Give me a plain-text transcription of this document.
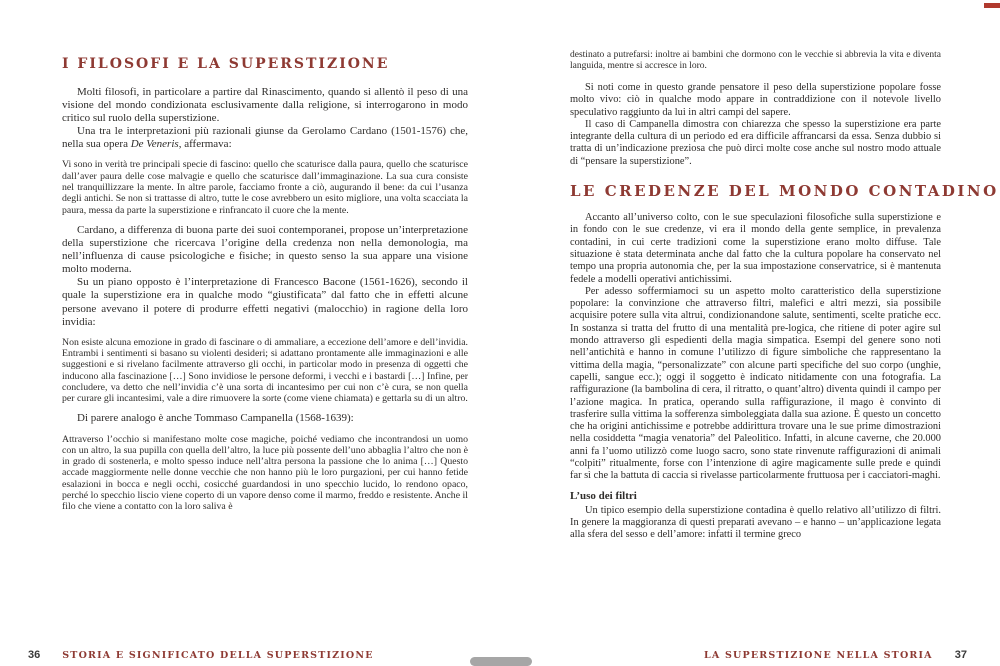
I FILOSOFI E LA SUPERSTIZIONE

Molti filosofi, in particolare a partire dal Rinascimento, quando si allentò il peso di una visione del mondo condizionata esclusivamente dalla religione, si interrogarono in modo critico sul ruolo della superstizione.

Una tra le interpretazioni più razionali giunse da Gerolamo Cardano (1501-1576) che, nella sua opera De Veneris, affermava:

Vi sono in verità tre principali specie di fascino: quello che scaturisce dalla paura, quello che scaturisce dall’aver paura delle cose malvagie e quello che scaturisce dall’immaginazione. La sua cura consiste nel tranquillizzare la mente. In altre parole, facciamo fronte a ciò, augurando il bene: da cui l’usanza degli antichi. Se non si trattasse di altro, tutte le cose avrebbero un esito migliore, una volta scacciata la paura, messa da parte la superstizione e rinfrancato il cuore che la mente.

Cardano, a differenza di buona parte dei suoi contemporanei, propose un’interpretazione della superstizione che ricercava l’origine della credenza non nella demonologia, ma nell’influenza di cause psicologiche e fisiche; in questo senso la sua appare una visione molto moderna.

Su un piano opposto è l’interpretazione di Francesco Bacone (1561-1626), secondo il quale la superstizione era in qualche modo “giustificata” dal fatto che in effetti alcune persone avevano il potere di produrre effetti negativi (malocchio) in ragione della loro invidia:

Non esiste alcuna emozione in grado di fascinare o di ammaliare, a eccezione dell’amore e dell’invidia. Entrambi i sentimenti si basano su violenti desideri; si adattano prontamente alle immaginazioni e alle suggestioni e si rivelano facilmente attraverso gli occhi, in particolar modo in presenza di oggetti che inducono alla fascinazione […] Sono invidiose le persone deformi, i vecchi e i bastardi […] Infine, per concludere, va detto che nell’invidia c’è una sorta di incantesimo per cui non c’è cura, se non quella per curare gli incantesimi, vale a dire rimuovere la sorte (come viene chiamata) e gettarla su di un altro.

Di parere analogo è anche Tommaso Campanella (1568-1639):

Attraverso l’occhio si manifestano molte cose magiche, poiché vediamo che incontrandosi un uomo con un altro, la sua pupilla con quella dell’altro, la luce più possente dell’uno abbaglia l’altro che non è in grado di sostenerla, e molto spesso induce nell’altra persona la passione che lo anima […] Questo accade maggiormente nelle donne vecchie che non hanno più le loro purgazioni, per cui hanno fetide esalazioni in bocca e negli occhi, cosicché guardandosi in uno specchio lucido, lo rendono opaco, perché lo specchio liscio viene coperto di un vapore denso come il marmo, freddo e resistente. Anche il filo che viene a contatto con la loro saliva è
destinato a putrefarsi: inoltre ai bambini che dormono con le vecchie si abbrevia la vita e diventa languida, mentre si accresce in loro.

Si noti come in questo grande pensatore il peso della superstizione popolare fosse molto vivo: ciò in qualche modo appare in contraddizione con il notevole livello speculativo raggiunto da lui in altri campi del sapere.

Il caso di Campanella dimostra con chiarezza che spesso la superstizione era parte integrante della cultura di un periodo ed era difficile affrancarsi da essa. Senza dubbio si tratta di un’indicazione preziosa che può dirci molte cose anche sul nostro modo attuale di “pensare la superstizione”.

LE CREDENZE DEL MONDO CONTADINO

Accanto all’universo colto, con le sue speculazioni filosofiche sulla superstizione e in fondo con le sue credenze, vi era il mondo della gente semplice, in prevalenza contadini, in cui certe tradizioni come la superstizione erano molto diffuse. Tale situazione è stata determinata anche dal fatto che la cultura popolare ha conservato nel tempo una propria autonomia che, per la sua impostazione conservatrice, si è mantenuta fedele a modelli operativi antichissimi.

Per adesso soffermiamoci su un aspetto molto caratteristico della superstizione popolare: la convinzione che attraverso filtri, malefici e altri mezzi, sia possibile acquisire potere sulla vita altrui, condizionandone salute, sentimenti, scelte pratiche ecc. In sostanza si tratta del frutto di una mentalità pre-logica, che ritiene di poter agire sul mondo attraverso gli espedienti della magia simpatica. Esempi del genere sono noti nell’antichità e hanno in comune l’utilizzo di figure simboliche che rappresentano la vittima della magia, “personalizzate” con alcune parti specifiche del suo corpo (unghie, capelli, sangue ecc.); oggi il soggetto è indicato nitidamente con una fotografia. La raffigurazione (la bambolina di cera, il ritratto, o quant’altro) diventa quindi il campo per l’azione magica. In pratica, operando sulla raffigurazione, il mago è convinto di trasferire sulla vittima la sofferenza simboleggiata dalla sua azione. È questo un concetto che ha origini antichissime e potrebbe addirittura trovare una le sue prime dimostrazioni nella cosiddetta “magia venatoria” del Paleolitico. Infatti, in alcune caverne, che 20.000 anni fa l’uomo utilizzò come luogo sacro, sono state rinvenute raffigurazioni di animali “colpiti” ritualmente, forse con l’intenzione di agire magicamente sulle prede e quindi far sì che la battuta di caccia si rivelasse particolarmente fruttuosa per i cacciatori-maghi.

L’uso dei filtri

Un tipico esempio della superstizione contadina è quello relativo all’utilizzo di filtri. In genere la maggioranza di questi preparati avevano – e hanno – un’applicazione legata alla sfera del sesso e dell’amore: infatti il termine greco

36 STORIA E SIGNIFICATO DELLA SUPERSTIZIONE	LA SUPERSTIZIONE NELLA STORIA 37
